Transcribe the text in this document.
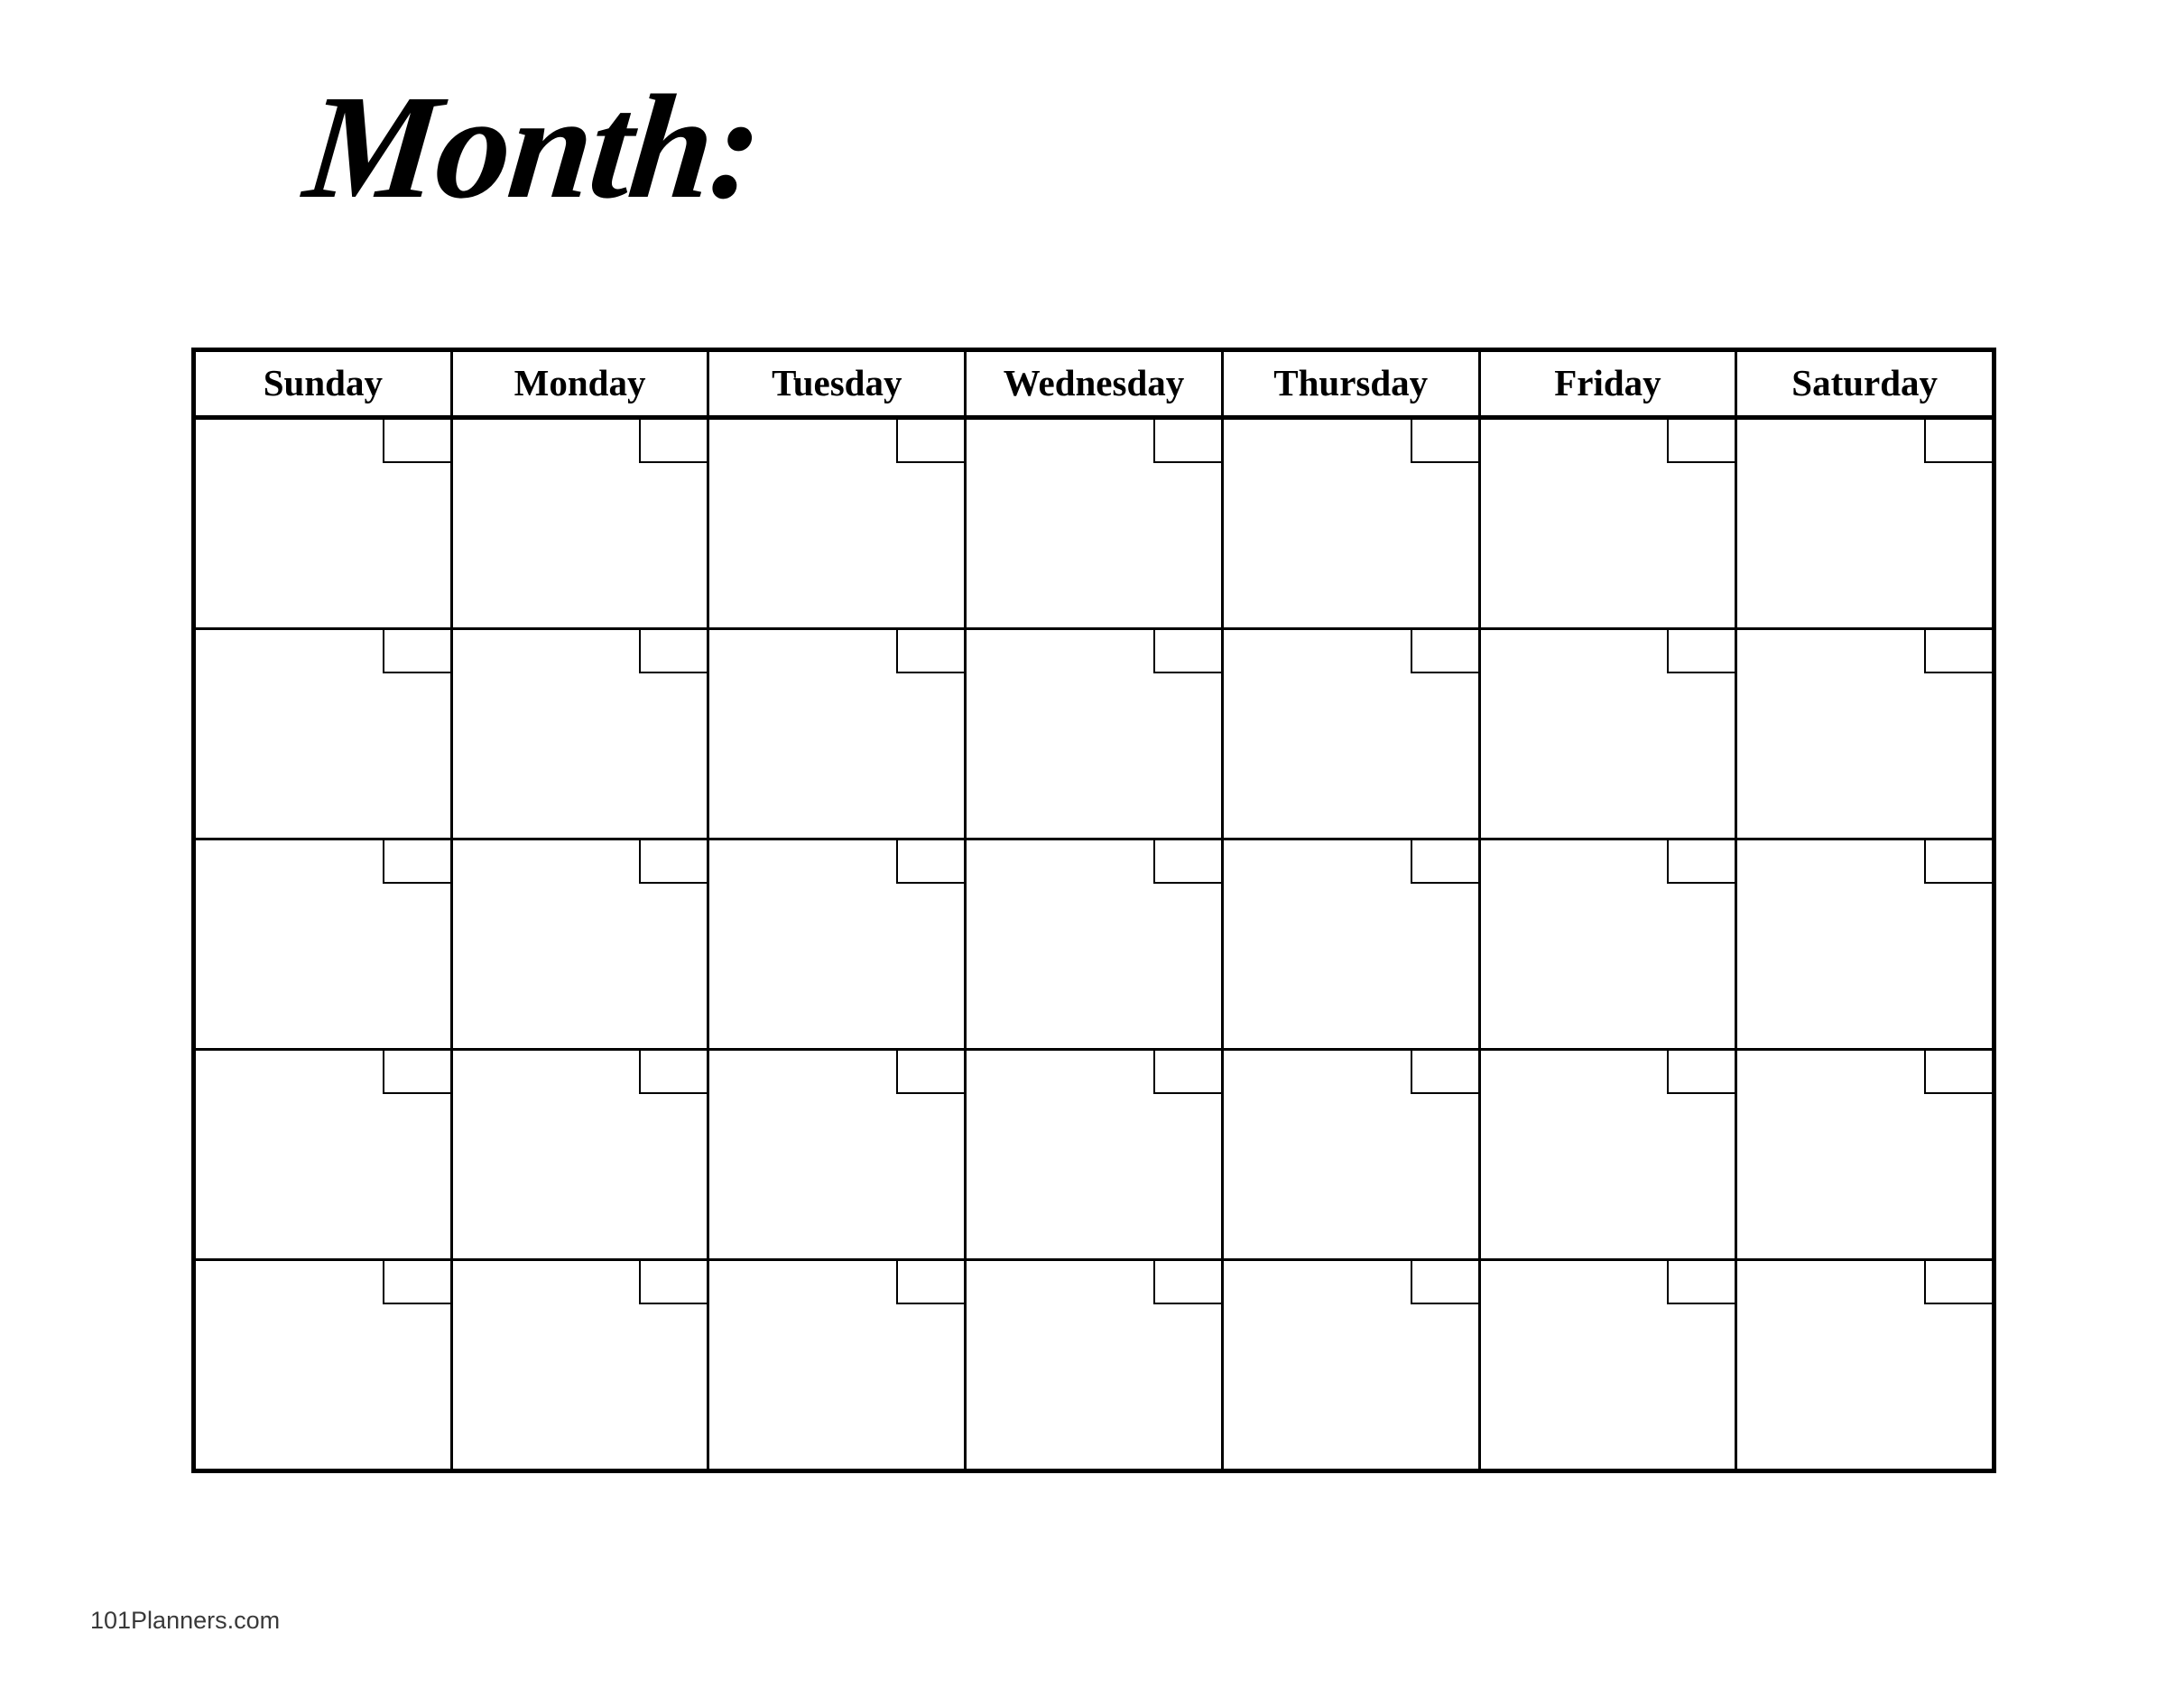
Month:
Sunday	Monday	Tuesday	Wednesday	Thursday	Friday	Saturday
101Planners.com
